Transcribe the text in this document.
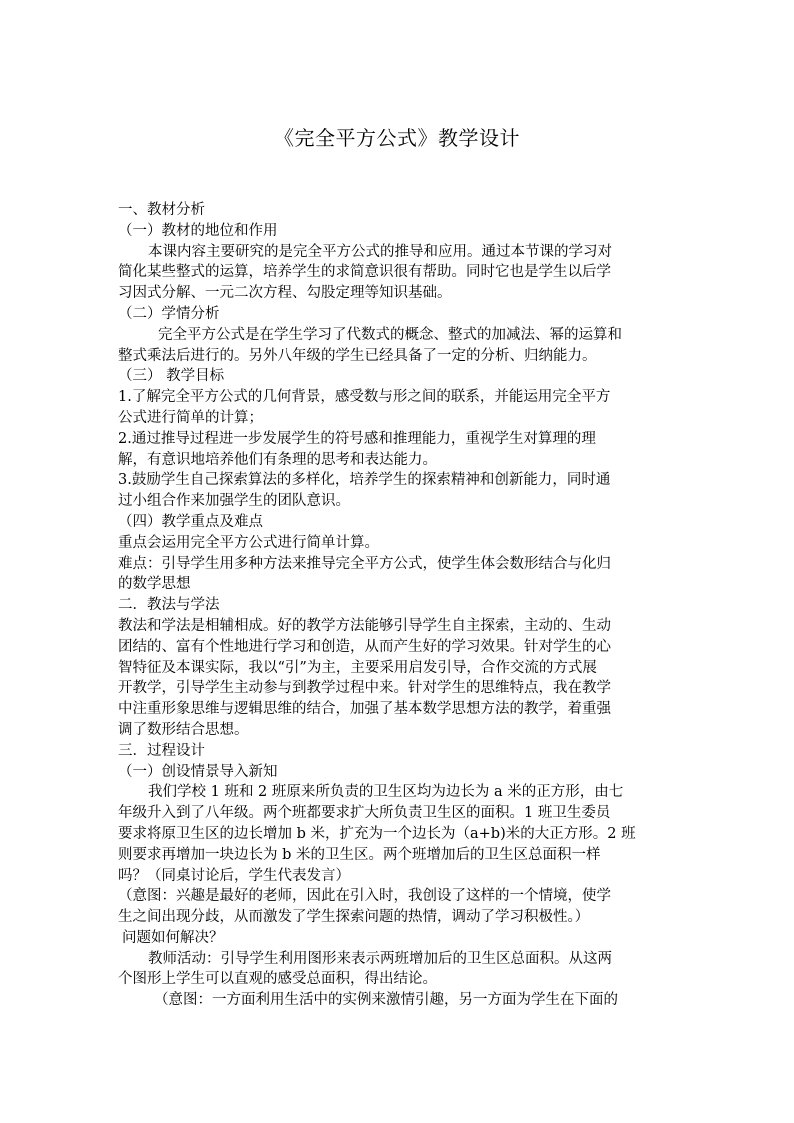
《完全平方公式》教学设计
一、教材分析
（一）教材的地位和作用
本课内容主要研究的是完全平方公式的推导和应用。通过本节课的学习对
简化某些整式的运算，培养学生的求简意识很有帮助。同时它也是学生以后学
习因式分解、一元二次方程、勾股定理等知识基础。
（二）学情分析
完全平方公式是在学生学习了代数式的概念、整式的加减法、幂的运算和
整式乘法后进行的。另外八年级的学生已经具备了一定的分析、归纳能力。
（三） 教学目标
1.了解完全平方公式的几何背景，感受数与形之间的联系，并能运用完全平方
公式进行简单的计算；
2.通过推导过程进一步发展学生的符号感和推理能力，重视学生对算理的理
解，有意识地培养他们有条理的思考和表达能力。
3.鼓励学生自己探索算法的多样化，培养学生的探索精神和创新能力，同时通
过小组合作来加强学生的团队意识。
（四）教学重点及难点
重点会运用完全平方公式进行简单计算。
难点：引导学生用多种方法来推导完全平方公式，使学生体会数形结合与化归
的数学思想
二．教法与学法
教法和学法是相辅相成。好的教学方法能够引导学生自主探索，主动的、生动
团结的、富有个性地进行学习和创造，从而产生好的学习效果。针对学生的心
智特征及本课实际，我以“引”为主，主要采用启发引导，合作交流的方式展
开教学，引导学生主动参与到教学过程中来。针对学生的思维特点，我在教学
中注重形象思维与逻辑思维的结合，加强了基本数学思想方法的教学，着重强
调了数形结合思想。
三．过程设计
（一）创设情景导入新知
我们学校 1 班和 2 班原来所负责的卫生区均为边长为 a 米的正方形，由七
年级升入到了八年级。两个班都要求扩大所负责卫生区的面积。1 班卫生委员
要求将原卫生区的边长增加 b 米，扩充为一个边长为（a+b)米的大正方形。2 班
则要求再增加一块边长为 b 米的卫生区。两个班增加后的卫生区总面积一样
吗？（同桌讨论后，学生代表发言）
（意图：兴趣是最好的老师，因此在引入时，我创设了这样的一个情境，使学
生之间出现分歧，从而激发了学生探索问题的热情，调动了学习积极性。）
问题如何解决？
教师活动：引导学生利用图形来表示两班增加后的卫生区总面积。从这两
个图形上学生可以直观的感受总面积，得出结论。
（意图：一方面利用生活中的实例来激情引趣，另一方面为学生在下面的
